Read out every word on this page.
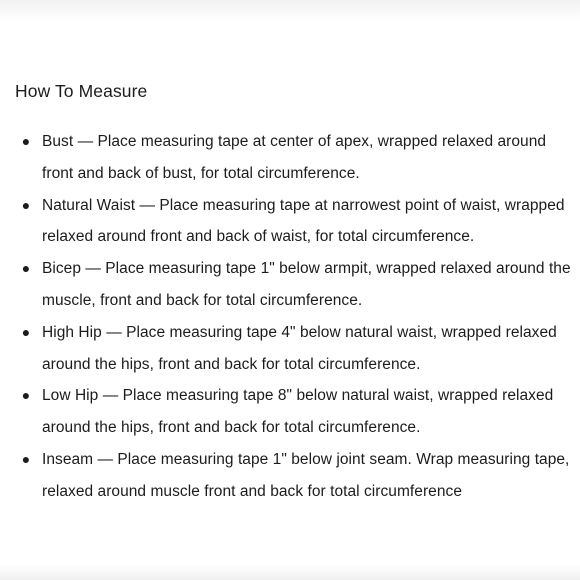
How To Measure
● Bust — Place measuring tape at center of apex, wrapped relaxed around front and back of bust, for total circumference.
● Natural Waist — Place measuring tape at narrowest point of waist, wrapped relaxed around front and back of waist, for total circumference.
● Bicep — Place measuring tape 1" below armpit, wrapped relaxed around the muscle, front and back for total circumference.
● High Hip — Place measuring tape 4" below natural waist, wrapped relaxed around the hips, front and back for total circumference.
● Low Hip — Place measuring tape 8" below natural waist, wrapped relaxed around the hips, front and back for total circumference.
● Inseam — Place measuring tape 1" below joint seam. Wrap measuring tape, relaxed around muscle front and back for total circumference
